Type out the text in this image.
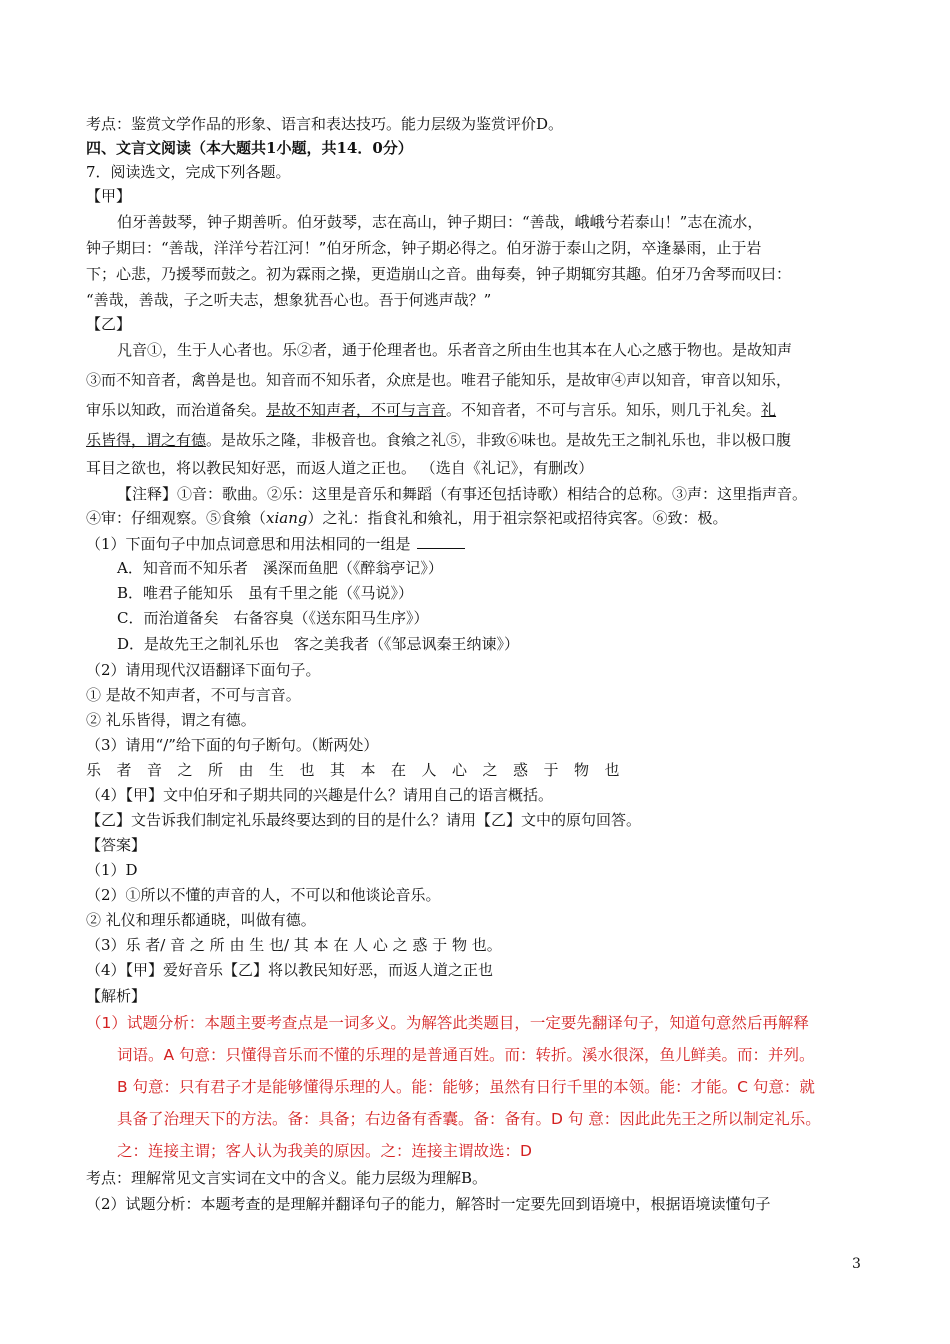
考点：鉴赏文学作品的形象、语言和表达技巧。能力层级为鉴赏评价D。
四、文言文阅读（本大题共1小题，共14．0分）
7．阅读选文，完成下列各题。
【甲】
伯牙善鼓琴，钟子期善听。伯牙鼓琴，志在高山，钟子期曰：“善哉，峨峨兮若泰山！”志在流水，
钟子期曰：“善哉，洋洋兮若江河！”伯牙所念，钟子期必得之。伯牙游于泰山之阴，卒逢暴雨，止于岩
下；心悲，乃援琴而鼓之。初为霖雨之操，更造崩山之音。曲每奏，钟子期辄穷其趣。伯牙乃舍琴而叹曰：
“善哉，善哉，子之听夫志，想象犹吾心也。吾于何逃声哉？”
【乙】
凡音①，生于人心者也。乐②者，通于伦理者也。乐者音之所由生也其本在人心之感于物也。是故知声
③而不知音者，禽兽是也。知音而不知乐者，众庶是也。唯君子能知乐，是故审④声以知音，审音以知乐，
审乐以知政，而治道备矣。是故不知声者，不可与言音。不知音者，不可与言乐。知乐，则几于礼矣。礼
乐皆得，谓之有德。是故乐之隆，非极音也。食飨之礼⑤，非致⑥味也。是故先王之制礼乐也，非以极口腹
耳目之欲也，将以教民知好恶，而返人道之正也。 （选自《礼记》，有删改）
【注释】①音：歌曲。②乐：这里是音乐和舞蹈（有事还包括诗歌）相结合的总称。③声：这里指声音。
④审：仔细观察。⑤食飨（xiang）之礼：指食礼和飨礼，用于祖宗祭祀或招待宾客。⑥致：极。
（1）下面句子中加点词意思和用法相同的一组是
A．知音而不知乐者　溪深而鱼肥（《醉翁亭记》）
B．唯君子能知乐　虽有千里之能（《马说》）
C．而治道备矣　右备容臭（《送东阳马生序》）
D．是故先王之制礼乐也　客之美我者（《邹忌讽秦王纳谏》）
（2）请用现代汉语翻译下面句子。
① 是故不知声者，不可与言音。
② 礼乐皆得，谓之有德。
（3）请用“/”给下面的句子断句。（断两处）
乐者音之所由生也其本在人心之惑于物也
（4）【甲】文中伯牙和子期共同的兴趣是什么？请用自己的语言概括。
【乙】文告诉我们制定礼乐最终要达到的目的是什么？请用【乙】文中的原句回答。
【答案】
（1）D
（2）①所以不懂的声音的人，不可以和他谈论音乐。
② 礼仪和理乐都通晓，叫做有德。
（3）乐 者/ 音 之 所 由 生 也/ 其 本 在 人 心 之 惑 于 物 也。
（4）【甲】爱好音乐【乙】将以教民知好恶，而返人道之正也
【解析】
（1）试题分析：本题主要考查点是一词多义。为解答此类题目，一定要先翻译句子，知道句意然后再解释
词语。A 句意：只懂得音乐而不懂的乐理的是普通百姓。而：转折。溪水很深，鱼儿鲜美。而：并列。
B 句意：只有君子才是能够懂得乐理的人。能：能够；虽然有日行千里的本领。能：才能。C 句意：就
具备了治理天下的方法。备：具备；右边备有香囊。备：备有。D 句 意：因此此先王之所以制定礼乐。
之：连接主谓；客人认为我美的原因。之：连接主谓故选：D
考点：理解常见文言实词在文中的含义。能力层级为理解B。
（2）试题分析：本题考查的是理解并翻译句子的能力，解答时一定要先回到语境中，根据语境读懂句子
3
